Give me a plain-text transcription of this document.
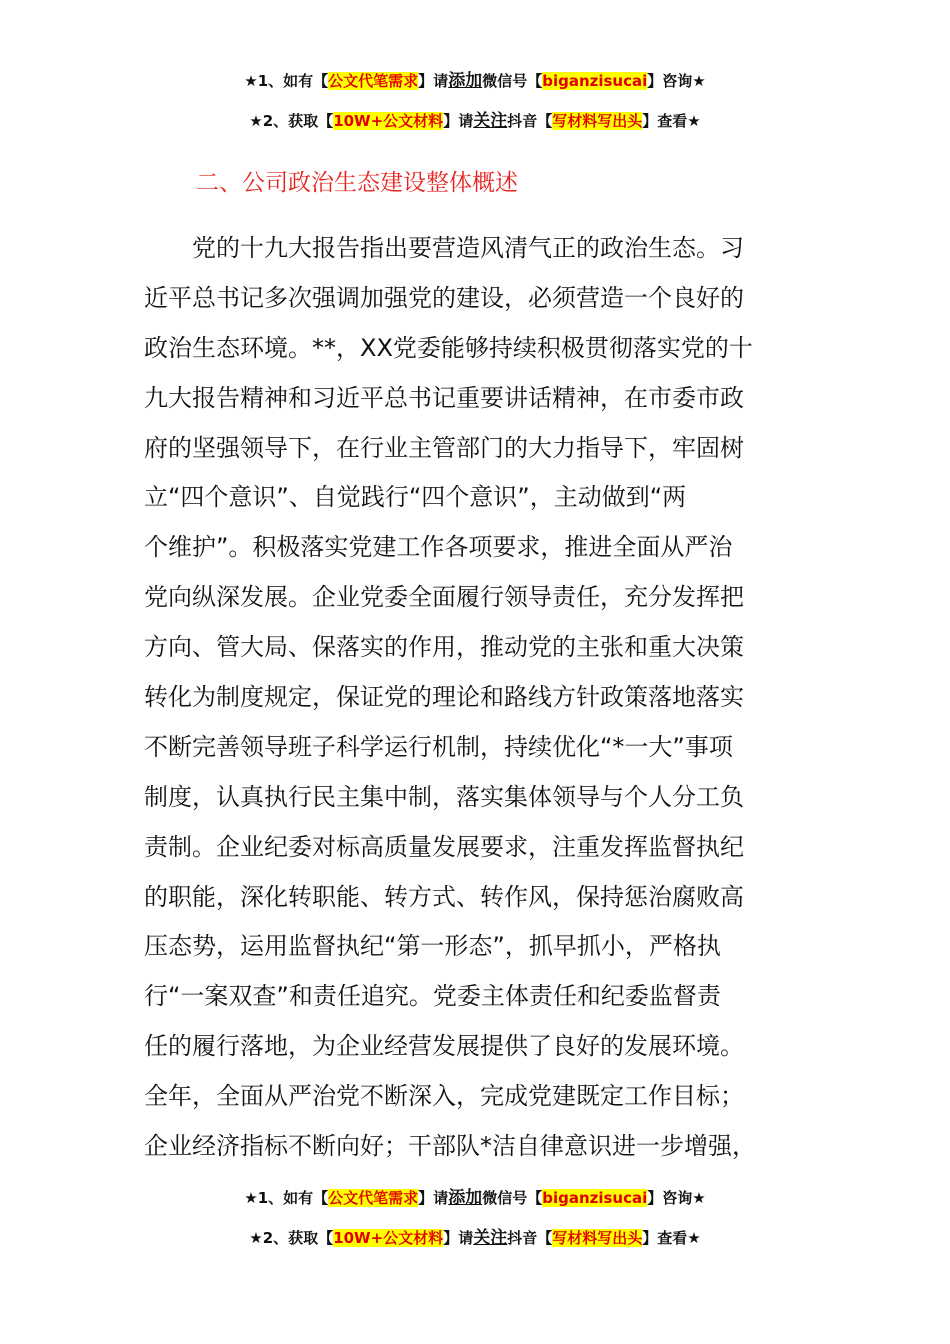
★1、如有【公文代笔需求】请添加微信号【biganzisucai】咨询★
★2、获取【10W+公文材料】请关注抖音【写材料写出头】查看★
二、公司政治生态建设整体概述
　　党的十九大报告指出要营造风清气正的政治生态。习
近平总书记多次强调加强党的建设，必须营造一个良好的
政治生态环境。**，XX党委能够持续积极贯彻落实党的十
九大报告精神和习近平总书记重要讲话精神，在市委市政
府的坚强领导下，在行业主管部门的大力指导下，牢固树
立“四个意识”、自觉践行“四个意识”，主动做到“两
个维护”。积极落实党建工作各项要求，推进全面从严治
党向纵深发展。企业党委全面履行领导责任，充分发挥把
方向、管大局、保落实的作用，推动党的主张和重大决策
转化为制度规定，保证党的理论和路线方针政策落地落实
不断完善领导班子科学运行机制，持续优化“*一大”事项
制度，认真执行民主集中制，落实集体领导与个人分工负
责制。企业纪委对标高质量发展要求，注重发挥监督执纪
的职能，深化转职能、转方式、转作风，保持惩治腐败高
压态势，运用监督执纪“第一形态”，抓早抓小，严格执
行“一案双查”和责任追究。党委主体责任和纪委监督责
任的履行落地，为企业经营发展提供了良好的发展环境。
全年，全面从严治党不断深入，完成党建既定工作目标；
企业经济指标不断向好；干部队*洁自律意识进一步增强，
★1、如有【公文代笔需求】请添加微信号【biganzisucai】咨询★
★2、获取【10W+公文材料】请关注抖音【写材料写出头】查看★
